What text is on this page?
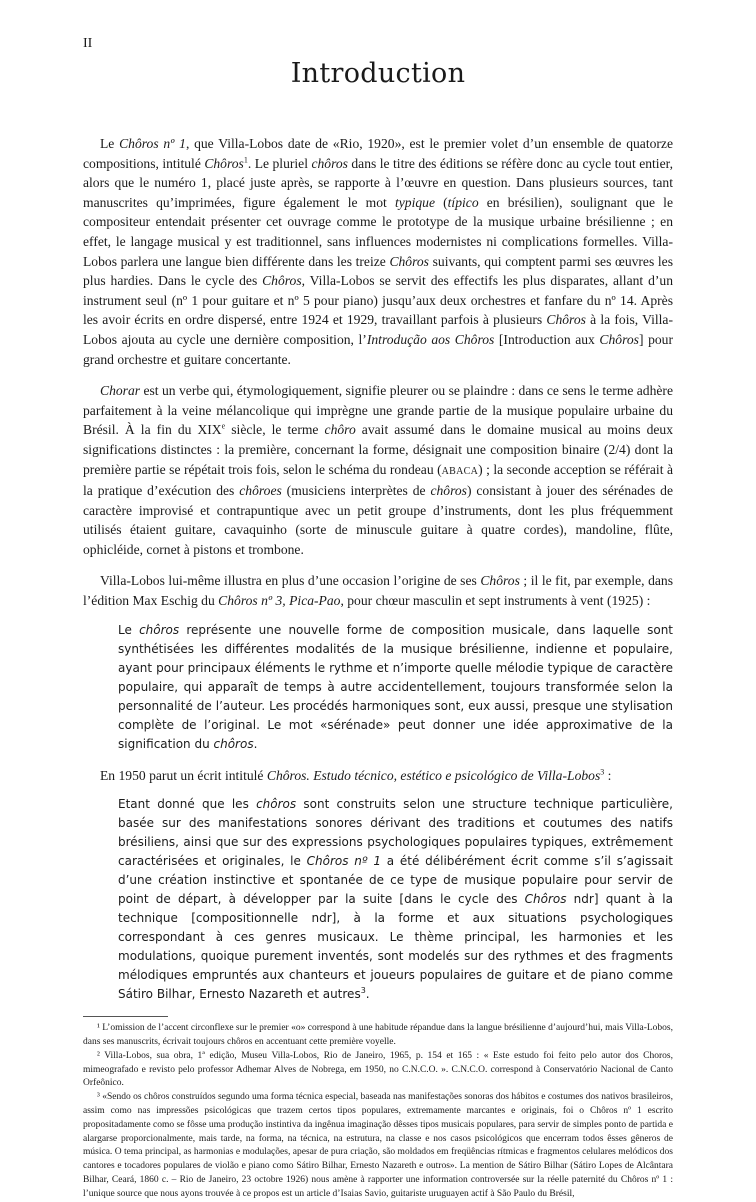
II
Introduction

Le Chôros nº 1, que Villa-Lobos date de «Rio, 1920», est le premier volet d’un ensemble de quatorze compositions, intitulé Chôros$^1$. Le pluriel chôros dans le titre des éditions se réfère donc au cycle tout entier, alors que le numéro 1, placé juste après, se rapporte à l’œuvre en question. Dans plusieurs sources, tant manuscrites qu’imprimées, figure également le mot typique (típico en brésilien), soulignant que le compositeur entendait présenter cet ouvrage comme le prototype de la musique urbaine brésilienne ; en effet, le langage musical y est traditionnel, sans influences modernistes ni complications formelles. Villa-Lobos parlera une langue bien différente dans les treize Chôros suivants, qui comptent parmi ses œuvres les plus hardies. Dans le cycle des Chôros, Villa-Lobos se servit des effectifs les plus disparates, allant d’un instrument seul (nº 1 pour guitare et nº 5 pour piano) jusqu’aux deux orchestres et fanfare du nº 14. Après les avoir écrits en ordre dispersé, entre 1924 et 1929, travaillant parfois à plusieurs Chôros à la fois, Villa-Lobos ajouta au cycle une dernière composition, l’Introdução aos Chôros [Introduction aux Chôros] pour grand orchestre et guitare concertante.

Chorar est un verbe qui, étymologiquement, signifie pleurer ou se plaindre : dans ce sens le terme adhère parfaitement à la veine mélancolique qui imprègne une grande partie de la musique populaire urbaine du Brésil. À la fin du XIXe siècle, le terme chôro avait assumé dans le domaine musical au moins deux significations distinctes : la première, concernant la forme, désignait une composition binaire (2/4) dont la première partie se répétait trois fois, selon le schéma du rondeau (ABACA) ; la seconde acception se référait à la pratique d’exécution des chôroes (musiciens interprètes de chôros) consistant à jouer des sérénades de caractère improvisé et contrapuntique avec un petit groupe d’instruments, dont les plus fréquemment utilisés étaient guitare, cavaquinho (sorte de minuscule guitare à quatre cordes), mandoline, flûte, ophicléide, cornet à pistons et trombone.

Villa-Lobos lui-même illustra en plus d’une occasion l’origine de ses Chôros ; il le fit, par exemple, dans l’édition Max Eschig du Chôros nº 3, Pica-Pao, pour chœur masculin et sept instruments à vent (1925) :

Le chôros représente une nouvelle forme de composition musicale, dans laquelle sont synthétisées les différentes modalités de la musique brésilienne, indienne et populaire, ayant pour principaux éléments le rythme et n’importe quelle mélodie typique de caractère populaire, qui apparaît de temps à autre accidentellement, toujours transformée selon la personnalité de l’auteur. Les procédés harmoniques sont, eux aussi, presque une stylisation complète de l’original. Le mot «sérénade» peut donner une idée approximative de la signification du chôros.

En 1950 parut un écrit intitulé Chôros. Estudo técnico, estético e psicológico de Villa-Lobos$^3$ :

Etant donné que les chôros sont construits selon une structure technique particulière, basée sur des manifestations sonores dérivant des traditions et coutumes des natifs brésiliens, ainsi que sur des expressions psychologiques populaires typiques, extrêmement caractérisées et originales, le Chôros nº 1 a été délibérément écrit comme s’il s’agissait d’une création instinctive et spontanée de ce type de musique populaire pour servir de point de départ, à développer par la suite [dans le cycle des Chôros ndr] quant à la technique [compositionnelle ndr], à la forme et aux situations psychologiques correspondant à ces genres musicaux. Le thème principal, les harmonies et les modulations, quoique purement inventés, sont modelés sur des rythmes et des fragments mélodiques empruntés aux chanteurs et joueurs populaires de guitare et de piano comme Sátiro Bilhar, Ernesto Nazareth et autres$^3$.

¹ L’omission de l’accent circonflexe sur le premier «o» correspond à une habitude répandue dans la langue brésilienne d’aujourd’hui, mais Villa-Lobos, dans ses manuscrits, écrivait toujours chôros en accentuant cette première voyelle.
² Villa-Lobos, sua obra, 1ª edição, Museu Villa-Lobos, Rio de Janeiro, 1965, p. 154 et 165 : « Este estudo foi feito pelo autor dos Choros, mimeografado e revisto pelo professor Adhemar Alves de Nobrega, em 1950, no C.N.C.O. ». C.N.C.O. correspond à Conservatório Nacional de Canto Orfeônico.
³ «Sendo os chôros construídos segundo uma forma técnica especial, baseada nas manifestações sonoras dos hábitos e costumes dos nativos brasileiros, assim como nas impressões psicológicas que trazem certos tipos populares, extremamente marcantes e originais, foi o Chôros nº 1 escrito propositadamente como se fôsse uma produção instintiva da ingênua imaginação dêsses tipos musicais populares, para servir de simples ponto de partida e alargarse proporcionalmente, mais tarde, na forma, na técnica, na estrutura, na classe e nos casos psicológicos que encerram todos êsses gêneros de música. O tema principal, as harmonias e modulações, apesar de pura criação, são moldados em freqüências rítmicas e fragmentos celulares melódicos dos cantores e tocadores populares de violão e piano como Sátiro Bilhar, Ernesto Nazareth e outros». La mention de Sátiro Bilhar (Sátiro Lopes de Alcântara Bilhar, Ceará, 1860 c. – Rio de Janeiro, 23 octobre 1926) nous amène à rapporter une information controversée sur la réelle paternité du Chôros nº 1 : l’unique source que nous ayons trouvée à ce propos est un article d’Isaias Savio, guitariste uruguayen actif à São Paulo du Brésil,
